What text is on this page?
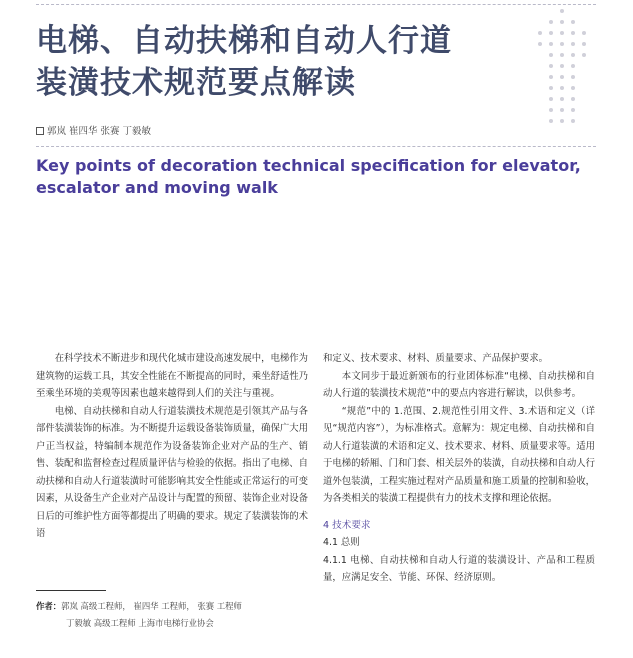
电梯、自动扶梯和自动人行道
装潢技术规范要点解读
郭岚 崔四华 张赛 丁毅敏
Key points of decoration technical specification for elevator, escalator and moving walk

在科学技术不断进步和现代化城市建设高速发展中，电梯作为建筑物的运载工具，其安全性能在不断提高的同时，乘坐舒适性乃至乘坐环境的美观等因素也越来越得到人们的关注与重视。

电梯、自动扶梯和自动人行道装潢技术规范是引领其产品与各部件装潢装饰的标准。为不断提升运载设备装饰质量，确保广大用户正当权益，特编制本规范作为设备装饰企业对产品的生产、销售、装配和监督检查过程质量评估与检验的依据。指出了电梯、自动扶梯和自动人行道装潢时可能影响其安全性能或正常运行的可变因素，从设备生产企业对产品设计与配置的预留、装饰企业对设备日后的可维护性方面等都提出了明确的要求。规定了装潢装饰的术语

和定义、技术要求、材料、质量要求、产品保护要求。

本文同步于最近新颁布的行业团体标准“电梯、自动扶梯和自动人行道的装潢技术规范”中的要点内容进行解读，以供参考。

“规范”中的 1.范围、2.规范性引用文件、3.术语和定义（详见“规范内容”），为标准格式。意解为：规定电梯、自动扶梯和自动人行道装潢的术语和定义、技术要求、材料、质量要求等。适用于电梯的轿厢、门和门套、相关层外的装潢，自动扶梯和自动人行道外包装潢，工程实施过程对产品质量和施工质量的控制和验收，为各类相关的装潢工程提供有力的技术支撑和理论依据。

4 技术要求

4.1 总则

4.1.1 电梯、自动扶梯和自动人行道的装潢设计、产品和工程质量，应满足安全、节能、环保、经济原则。

作者：郭岚 高级工程师， 崔四华 工程师， 张赛 工程师
丁毅敏 高级工程师 上海市电梯行业协会
